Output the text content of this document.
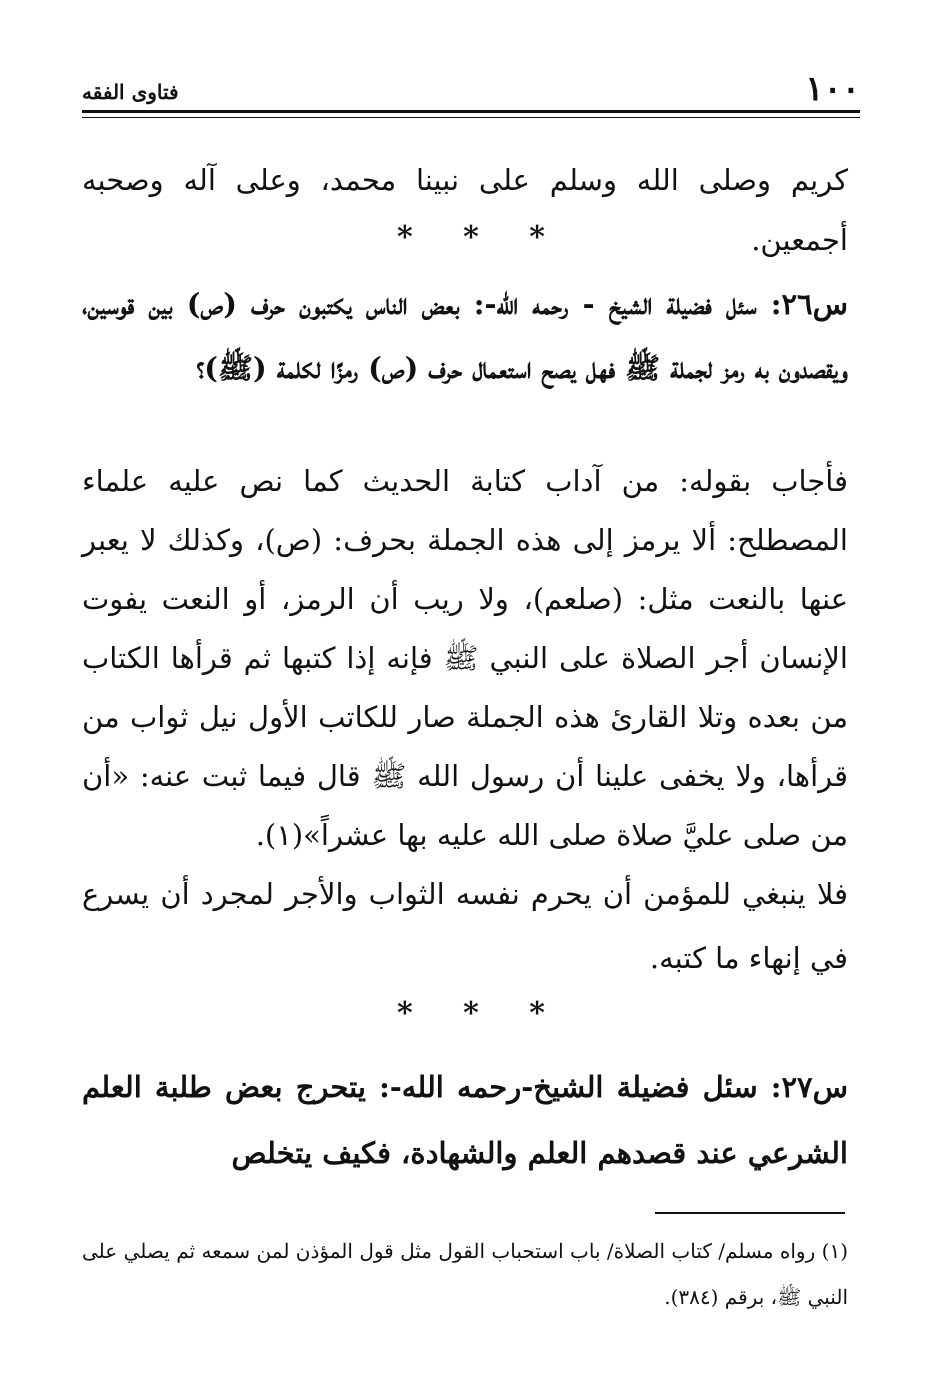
١٠٠
فتاوى الفقه
كريم وصلى الله وسلم على نبينا محمد، وعلى آله وصحبه أجمعين.
* * *
س٢٦: سئل فضيلة الشيخ - رحمه الله-: بعض الناس يكتبون حرف (ص) بين قوسين، ويقصدون به رمز لجملة ﷺ فهل يصح استعمال حرف (ص) رمزًا لكلمة (ﷺ)؟
فأجاب بقوله: من آداب كتابة الحديث كما نص عليه علماء المصطلح: ألا يرمز إلى هذه الجملة بحرف: (ص)، وكذلك لا يعبر عنها بالنعت مثل: (صلعم)، ولا ريب أن الرمز، أو النعت يفوت الإنسان أجر الصلاة على النبي ﷺ فإنه إذا كتبها ثم قرأها الكتاب من بعده وتلا القارئ هذه الجملة صار للكاتب الأول نيل ثواب من قرأها، ولا يخفى علينا أن رسول الله ﷺ قال فيما ثبت عنه: «أن من صلى عليَّ صلاة صلى الله عليه بها عشراً»(١).
فلا ينبغي للمؤمن أن يحرم نفسه الثواب والأجر لمجرد أن يسرع في إنهاء ما كتبه.
* * *
س٢٧: سئل فضيلة الشيخ-رحمه الله-: يتحرج بعض طلبة العلم الشرعي عند قصدهم العلم والشهادة، فكيف يتخلص
(١) رواه مسلم/ كتاب الصلاة/ باب استحباب القول مثل قول المؤذن لمن سمعه ثم يصلي على النبي ﷺ، برقم (٣٨٤).
